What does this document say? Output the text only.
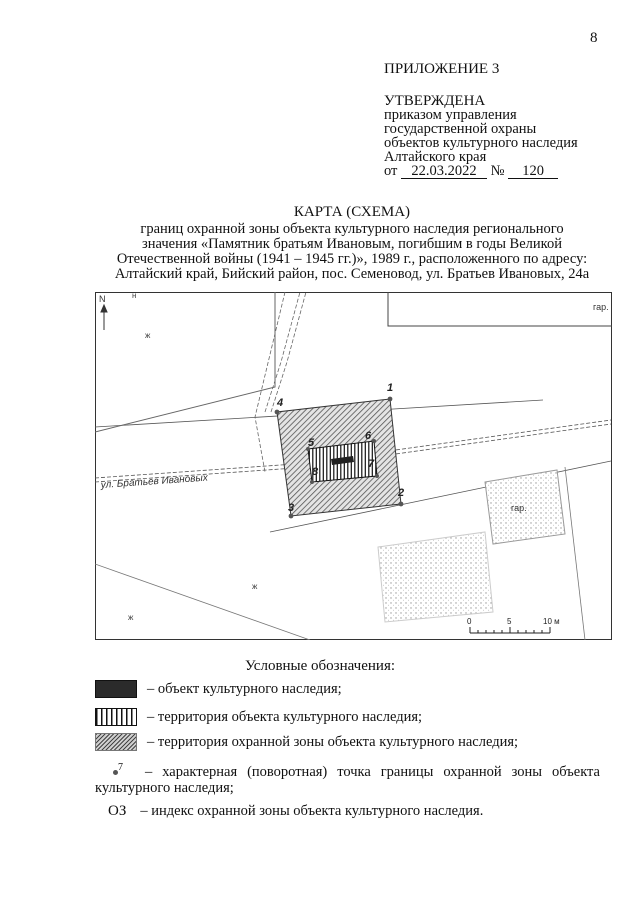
8
ПРИЛОЖЕНИЕ 3
УТВЕРЖДЕНА
приказом управления
государственной охраны
объектов культурного наследия
Алтайского края
от 22.03.2022 № 120
КАРТА (СХЕМА)
границ охранной зоны объекта культурного наследия регионального
значения «Памятник братьям Ивановым, погибшим в годы Великой
Отечественной войны (1941 – 1945 гг.)», 1989 г., расположенного по адресу:
Алтайский край, Бийский район, пос. Семеновод, ул. Братьев Ивановых, 24а
1
2
3
4
5
6
7
8
ул. Братьев Ивановых
гар.
гар.
N	н
ж
ж
ж	0	5	10 м
Условные обозначения:
– объект культурного наследия;
– территория объекта культурного наследия;
– территория охранной зоны объекта культурного наследия;
$^7$ – характерная (поворотная) точка границы охранной зоны объекта культурного наследия;
ОЗ – индекс охранной зоны объекта культурного наследия.
